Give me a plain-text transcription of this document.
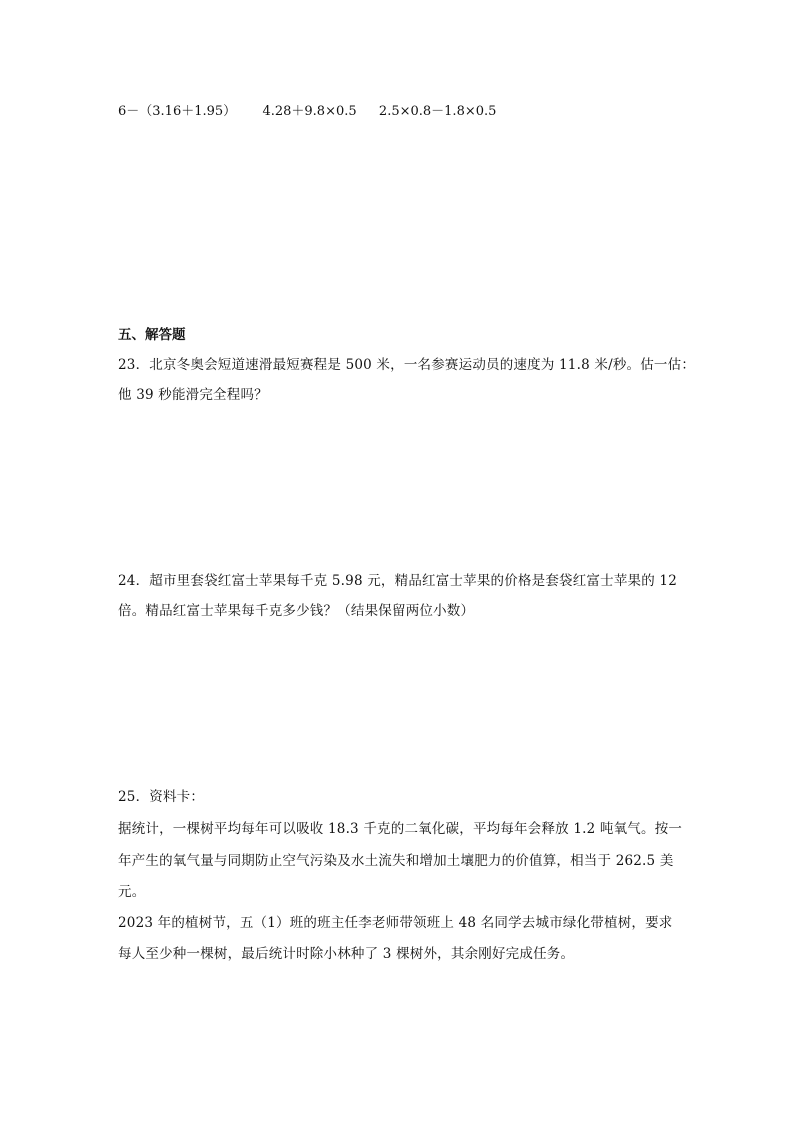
6－（3.16＋1.95） 4.28＋9.8×0.5 2.5×0.8－1.8×0.5
五、解答题
23．北京冬奥会短道速滑最短赛程是 500 米，一名参赛运动员的速度为 11.8 米/秒。估一估：
他 39 秒能滑完全程吗？
24．超市里套袋红富士苹果每千克 5.98 元，精品红富士苹果的价格是套袋红富士苹果的 12
倍。精品红富士苹果每千克多少钱？（结果保留两位小数）
25．资料卡：
据统计，一棵树平均每年可以吸收 18.3 千克的二氧化碳，平均每年会释放 1.2 吨氧气。按一
年产生的氧气量与同期防止空气污染及水土流失和增加土壤肥力的价值算，相当于 262.5 美
元。
2023 年的植树节，五（1）班的班主任李老师带领班上 48 名同学去城市绿化带植树，要求
每人至少种一棵树，最后统计时除小林种了 3 棵树外，其余刚好完成任务。
